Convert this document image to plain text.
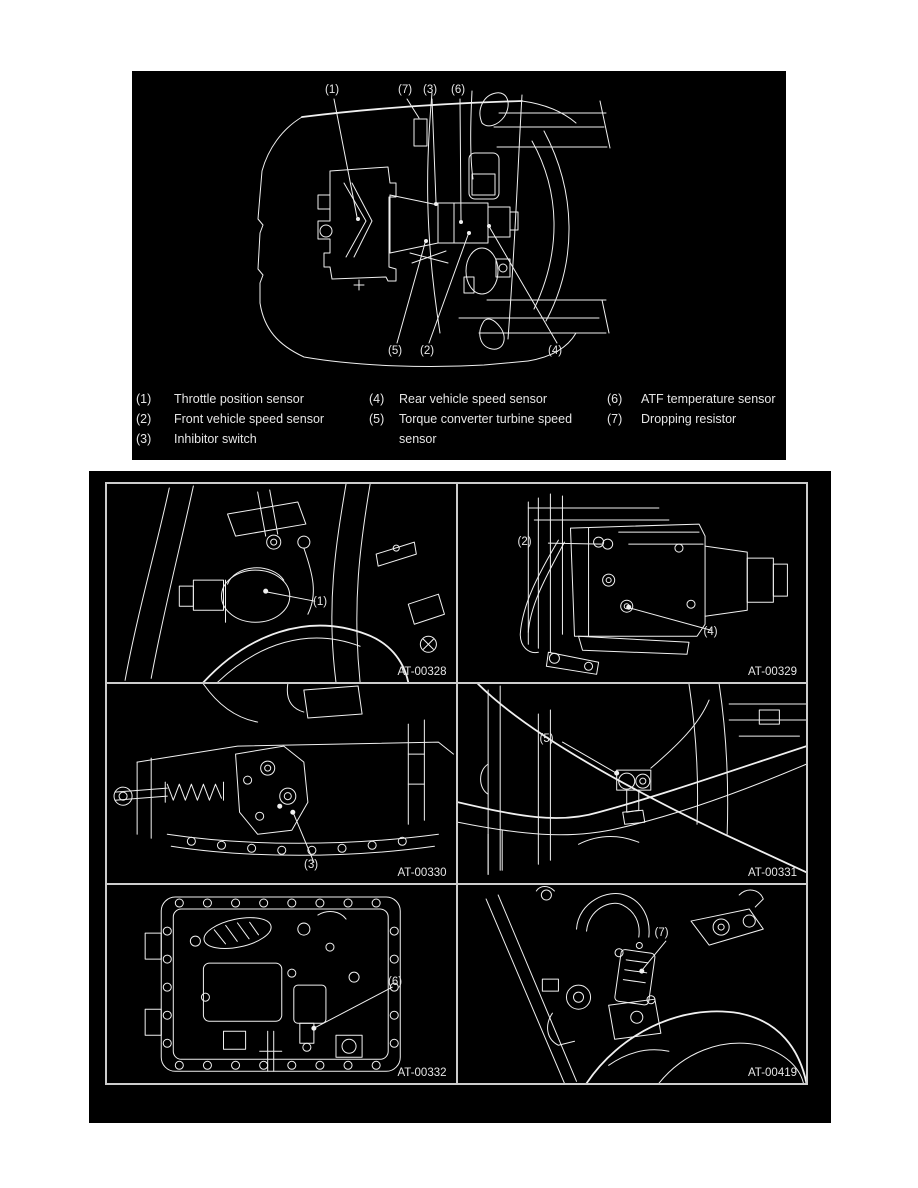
(1)	(7) (3) (6)
(5) (2)	(4)
(1)	Throttle position sensor
(2)	Front vehicle speed sensor
(3)	Inhibitor switch
(4)	Rear vehicle speed sensor
(5)	Torque converter turbine speed sensor
(6)	ATF temperature sensor
(7)	Dropping resistor
(1)
AT-00328
(2)
(4)
AT-00329
(3)
AT-00330
(5)
AT-00331
(6)
AT-00332
(7)
AT-00419
